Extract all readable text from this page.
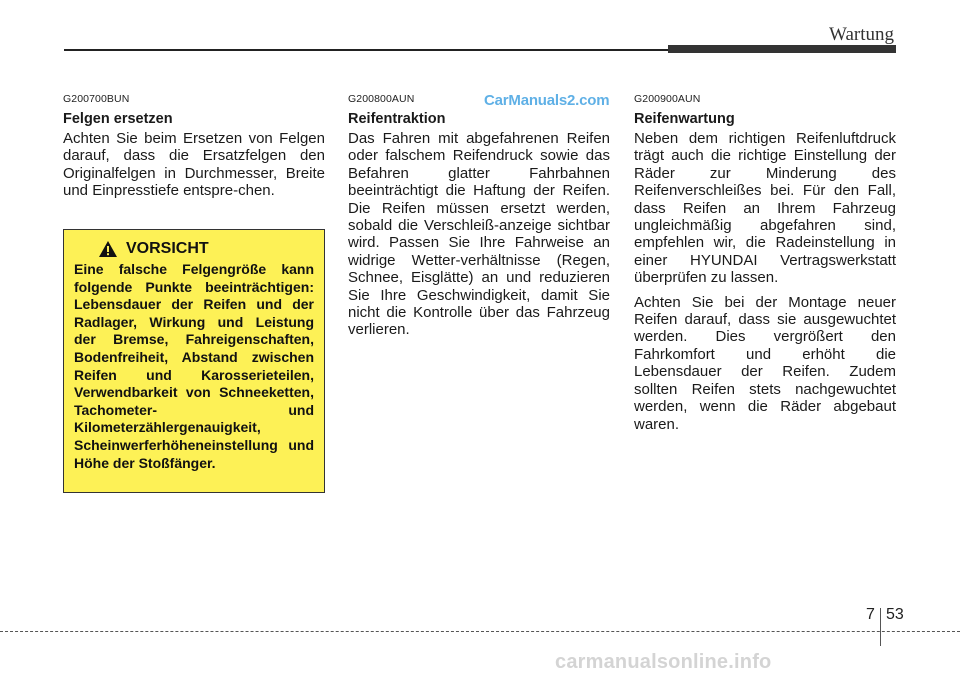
Wartung
CarManuals2.com
G200700BUN
Felgen ersetzen

Achten Sie beim Ersetzen von Felgen darauf, dass die Ersatzfelgen den Originalfelgen in Durchmesser, Breite und Einpresstiefe entspre-chen.

VORSICHT
Eine falsche Felgengröße kann folgende Punkte beeinträchtigen: Lebensdauer der Reifen und der Radlager, Wirkung und Leistung der Bremse, Fahreigenschaften, Bodenfreiheit, Abstand zwischen Reifen und Karosserieteilen, Verwendbarkeit von Schneeketten, Tachometer- und Kilometerzählergenauigkeit, Scheinwerferhöheneinstellung und Höhe der Stoßfänger.
G200800AUN
Reifentraktion

Das Fahren mit abgefahrenen Reifen oder falschem Reifendruck sowie das Befahren glatter Fahrbahnen beeinträchtigt die Haftung der Reifen. Die Reifen müssen ersetzt werden, sobald die Verschleiß-anzeige sichtbar wird. Passen Sie Ihre Fahrweise an widrige Wetter-verhältnisse (Regen, Schnee, Eisglätte) an und reduzieren Sie Ihre Geschwindigkeit, damit Sie nicht die Kontrolle über das Fahrzeug verlieren.

G200900AUN
Reifenwartung

Neben dem richtigen Reifenluftdruck trägt auch die richtige Einstellung der Räder zur Minderung des Reifenverschleißes bei. Für den Fall, dass Reifen an Ihrem Fahrzeug ungleichmäßig abgefahren sind, empfehlen wir, die Radeinstellung in einer HYUNDAI Vertragswerkstatt überprüfen zu lassen.

Achten Sie bei der Montage neuer Reifen darauf, dass sie ausgewuchtet werden. Dies vergrößert den Fahrkomfort und erhöht die Lebensdauer der Reifen. Zudem sollten Reifen stets nachgewuchtet werden, wenn die Räder abgebaut waren.

7 53
carmanualsonline.info
